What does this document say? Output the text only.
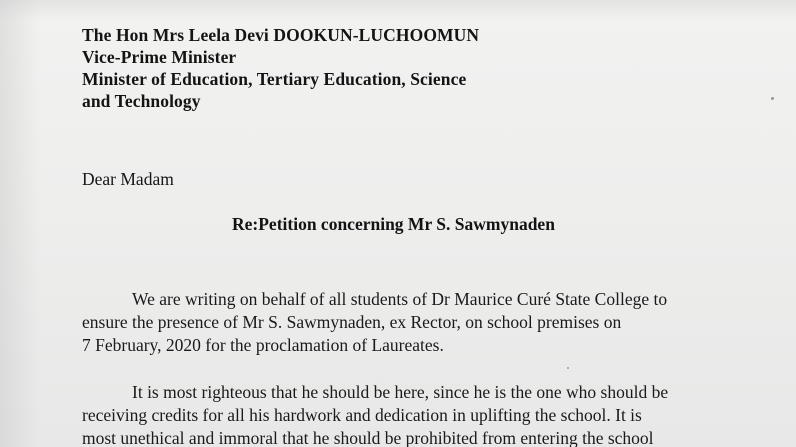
The Hon Mrs Leela Devi DOOKUN-LUCHOOMUN
Vice-Prime Minister
Minister of Education, Tertiary Education, Science
and Technology
Dear Madam
Re:Petition concerning Mr S. Sawmynaden
We are writing on behalf of all students of Dr Maurice Curé State College to
ensure the presence of Mr S. Sawmynaden, ex Rector, on school premises on
7 February, 2020 for the proclamation of Laureates.
It is most righteous that he should be here, since he is the one who should be
receiving credits for all his hardwork and dedication in uplifting the school. It is
most unethical and immoral that he should be prohibited from entering the school
